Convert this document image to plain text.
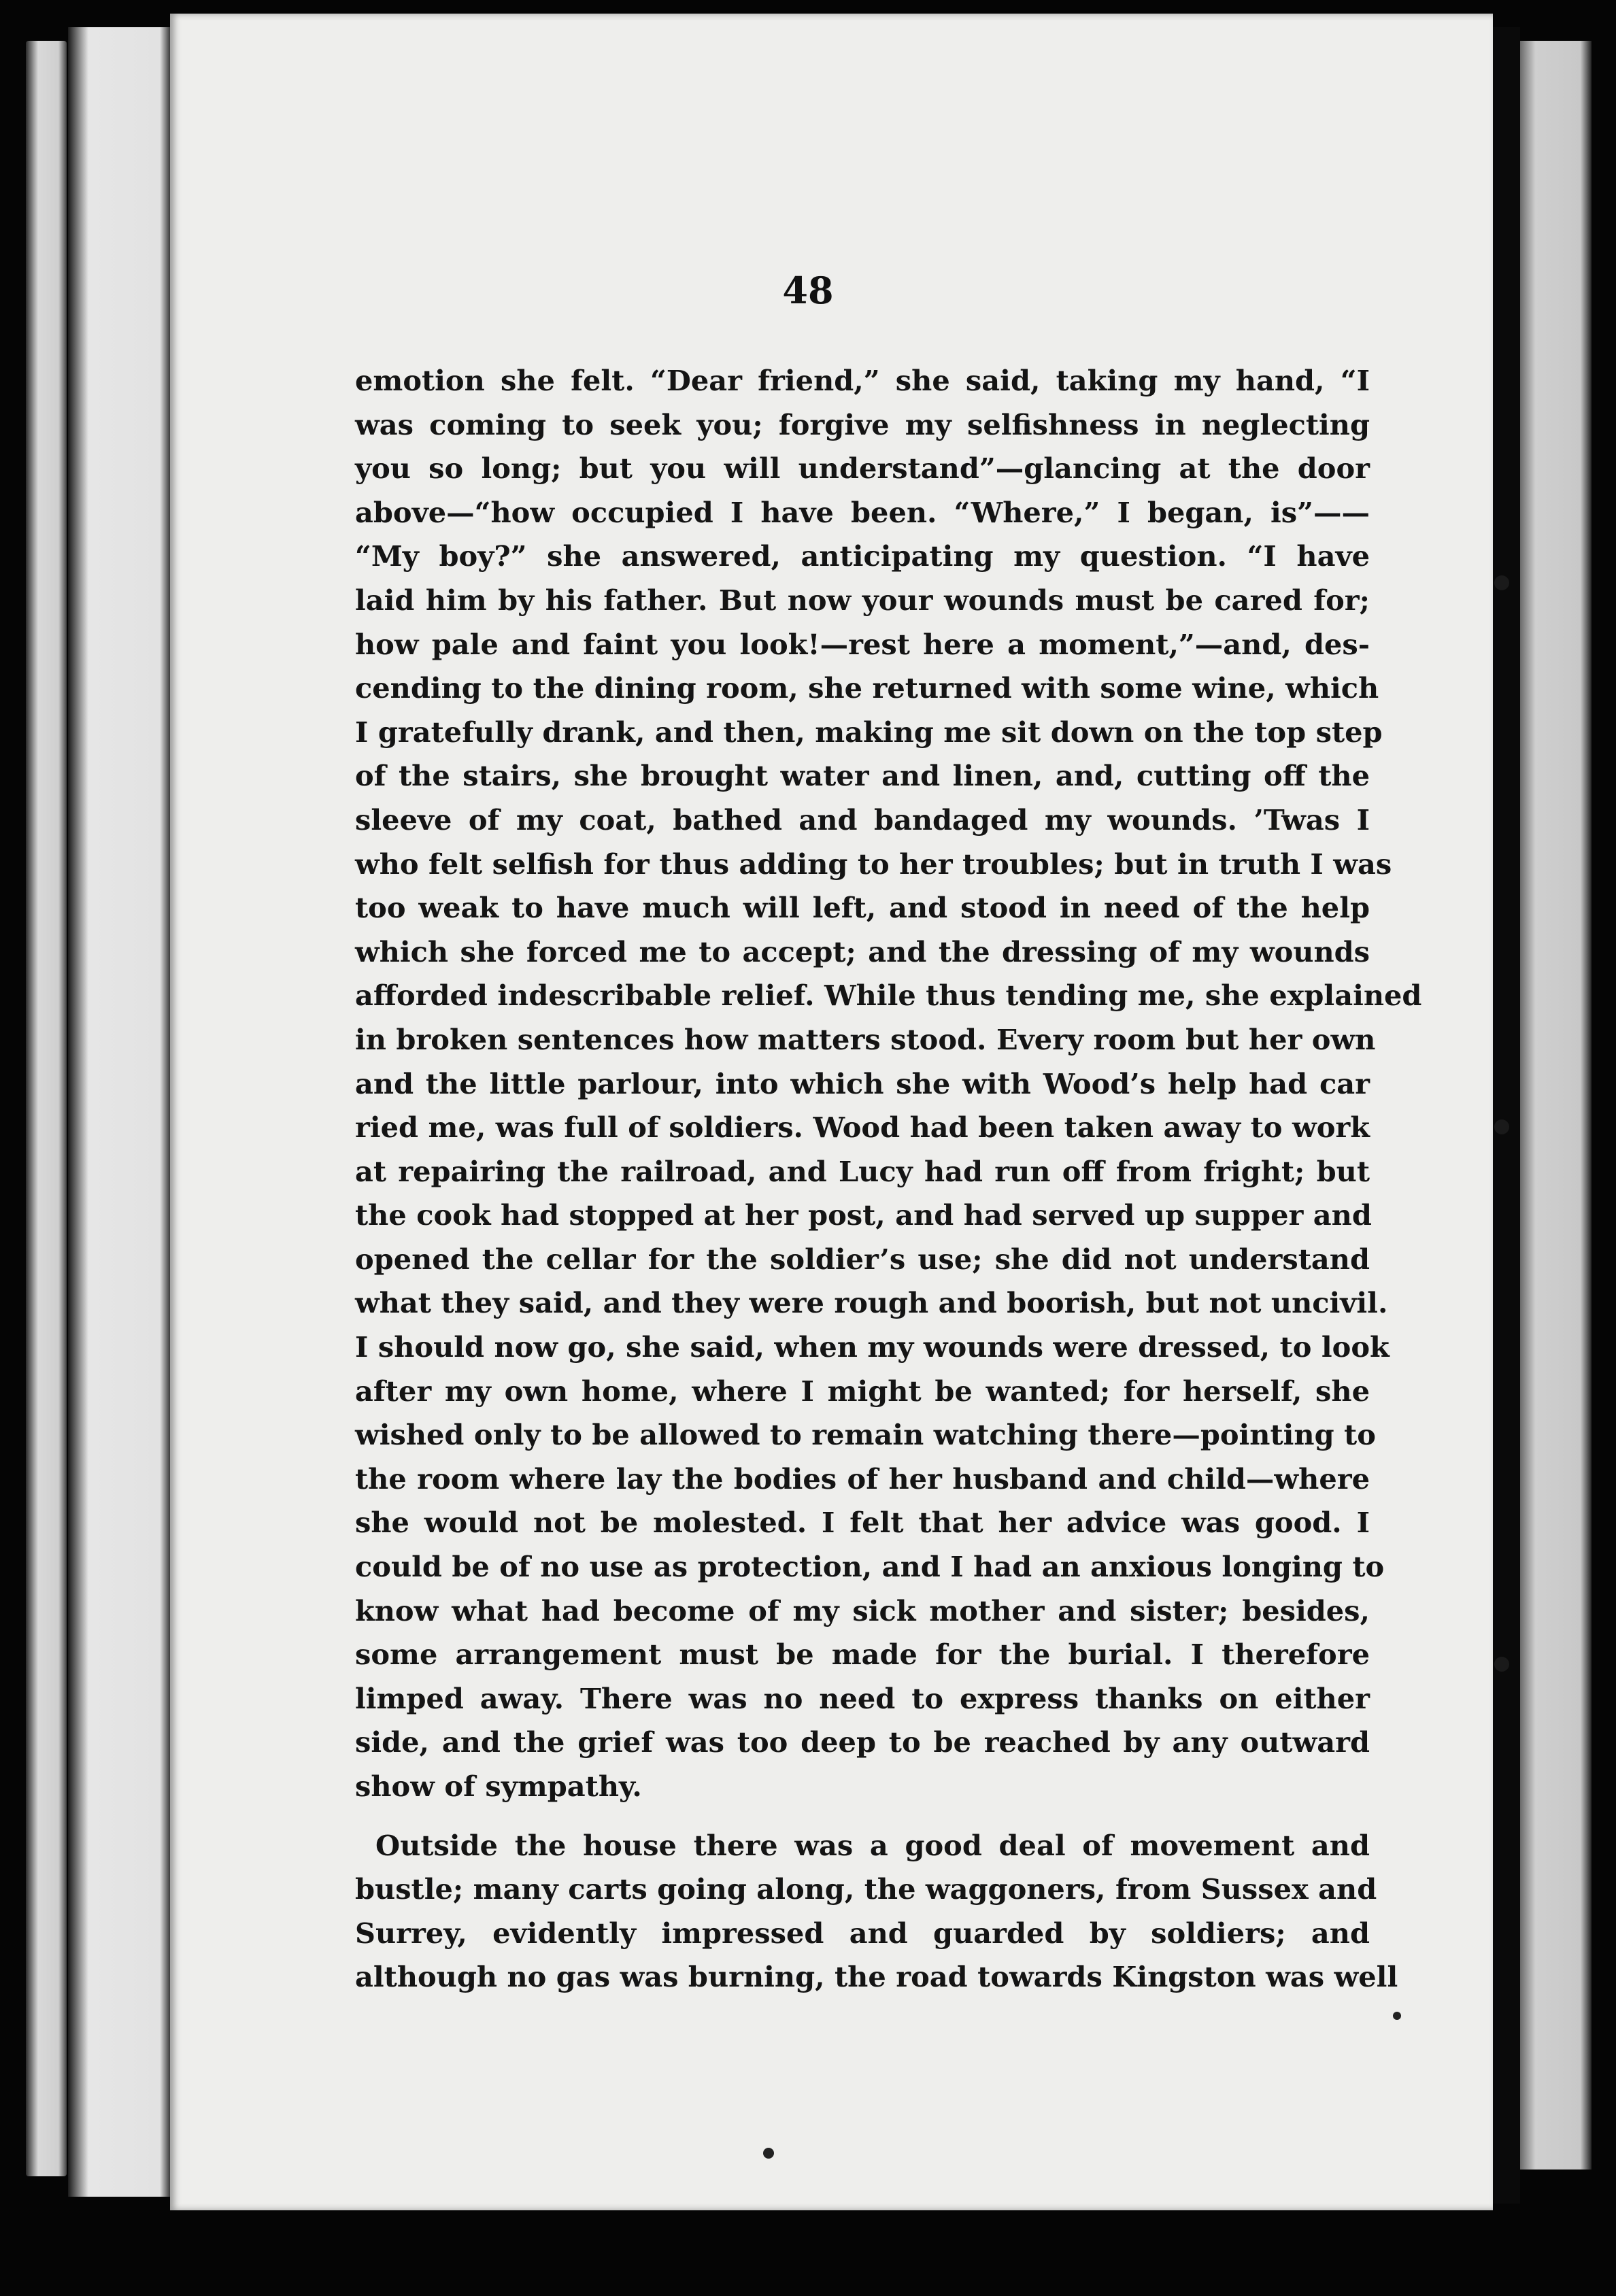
48
emotion she felt. “Dear friend,” she said, taking my hand, “I
was coming to seek you; forgive my selfishness in neglecting
you so long; but you will understand”—glancing at the door
above—“how occupied I have been. “Where,” I began, is”——
“My boy?” she answered, anticipating my question. “I have
laid him by his father. But now your wounds must be cared for;
how pale and faint you look!—rest here a moment,”—and, des-
cending to the dining room, she returned with some wine, which
I gratefully drank, and then, making me sit down on the top step
of the stairs, she brought water and linen, and, cutting off the
sleeve of my coat, bathed and bandaged my wounds. ’Twas I
who felt selfish for thus adding to her troubles; but in truth I was
too weak to have much will left, and stood in need of the help
which she forced me to accept; and the dressing of my wounds
afforded indescribable relief. While thus tending me, she explained
in broken sentences how matters stood. Every room but her own
and the little parlour, into which she with Wood’s help had car
ried me, was full of soldiers. Wood had been taken away to work
at repairing the railroad, and Lucy had run off from fright; but
the cook had stopped at her post, and had served up supper and
opened the cellar for the soldier’s use; she did not understand
what they said, and they were rough and boorish, but not uncivil.
I should now go, she said, when my wounds were dressed, to look
after my own home, where I might be wanted; for herself, she
wished only to be allowed to remain watching there—pointing to
the room where lay the bodies of her husband and child—where
she would not be molested. I felt that her advice was good. I
could be of no use as protection, and I had an anxious longing to
know what had become of my sick mother and sister; besides,
some arrangement must be made for the burial. I therefore
limped away. There was no need to express thanks on either
side, and the grief was too deep to be reached by any outward
show of sympathy.
Outside the house there was a good deal of movement and
bustle; many carts going along, the waggoners, from Sussex and
Surrey, evidently impressed and guarded by soldiers; and
although no gas was burning, the road towards Kingston was well
